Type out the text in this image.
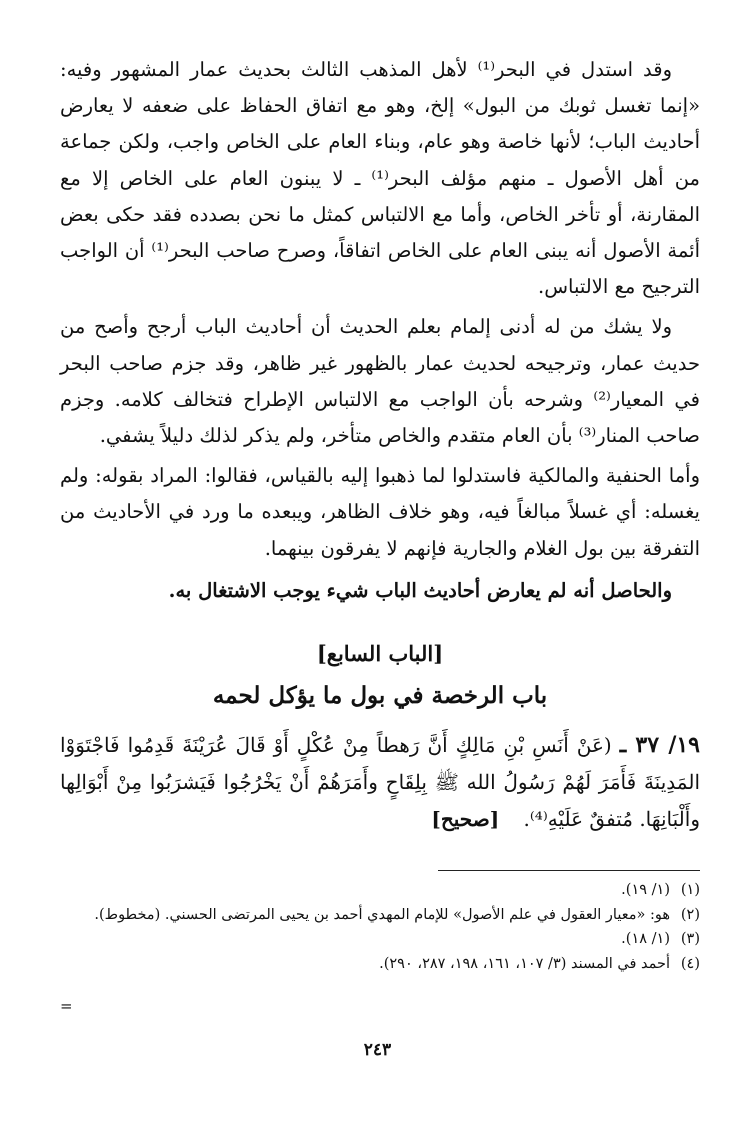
وقد استدل في البحر⁽¹⁾ لأهل المذهب الثالث بحديث عمار المشهور وفيه: «إنما تغسل ثوبك من البول» إلخ، وهو مع اتفاق الحفاظ على ضعفه لا يعارض أحاديث الباب؛ لأنها خاصة وهو عام، وبناء العام على الخاص واجب، ولكن جماعة من أهل الأصول ـ منهم مؤلف البحر⁽¹⁾ ـ لا يبنون العام على الخاص إلا مع المقارنة، أو تأخر الخاص، وأما مع الالتباس كمثل ما نحن بصدده فقد حكى بعض أئمة الأصول أنه يبنى العام على الخاص اتفاقاً، وصرح صاحب البحر⁽¹⁾ أن الواجب الترجيح مع الالتباس.

ولا يشك من له أدنى إلمام بعلم الحديث أن أحاديث الباب أرجح وأصح من حديث عمار، وترجيحه لحديث عمار بالظهور غير ظاهر، وقد جزم صاحب البحر في المعيار⁽²⁾ وشرحه بأن الواجب مع الالتباس الإطراح فتخالف كلامه. وجزم صاحب المنار⁽³⁾ بأن العام متقدم والخاص متأخر، ولم يذكر لذلك دليلاً يشفي.

وأما الحنفية والمالكية فاستدلوا لما ذهبوا إليه بالقياس، فقالوا: المراد بقوله: ولم يغسله: أي غسلاً مبالغاً فيه، وهو خلاف الظاهر، ويبعده ما ورد في الأحاديث من التفرقة بين بول الغلام والجارية فإنهم لا يفرقون بينهما.

والحاصل أنه لم يعارض أحاديث الباب شيء يوجب الاشتغال به.

[الباب السابع]
باب الرخصة في بول ما يؤكل لحمه
١٩/ ٣٧ ـ (عَنْ أَنَسِ بْنِ مَالِكٍ أَنَّ رَهطاً مِنْ عُكْلٍ أَوْ قَالَ عُرَيْنَةَ قَدِمُوا فَاجْتَوَوْا المَدِينَةَ فَأَمَرَ لَهُمْ رَسُولُ الله ﷺ بِلِقَاحٍ وأَمَرَهُمْ أَنْ يَخْرُجُوا فَيَشرَبُوا مِنْ أَبْوَالِها وأَلْبَانِهَا. مُتفقٌ عَلَيْهِ⁽⁴⁾. [صحيح]
(١)
(١/ ١٩).
(٢)
هو: «معيار العقول في علم الأصول» للإمام المهدي أحمد بن يحيى المرتضى الحسني. (مخطوط).
(٣)
(١/ ١٨).
(٤)
أحمد في المسند (٣/ ١٠٧، ١٦١، ١٩٨، ٢٨٧، ٢٩٠).
=
٢٤٣
